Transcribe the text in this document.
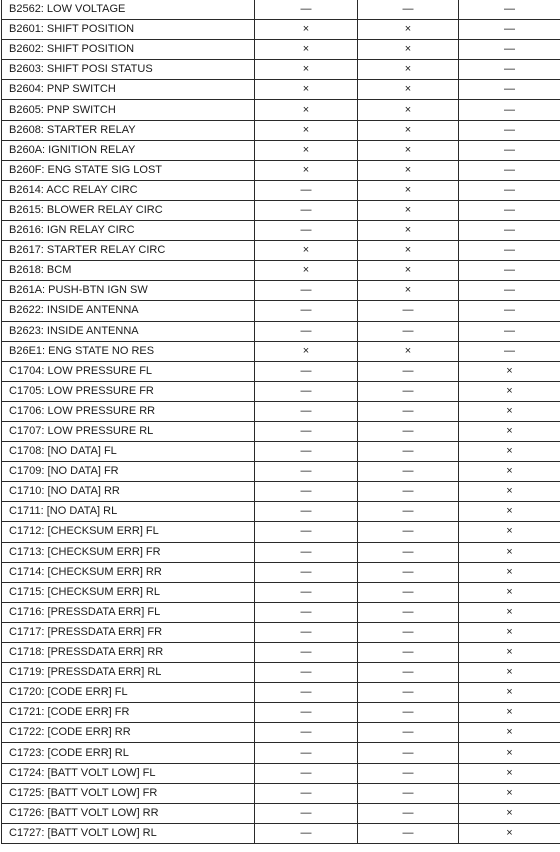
B2562: LOW VOLTAGE	—	—	—
B2601: SHIFT POSITION	×	×	—
B2602: SHIFT POSITION	×	×	—
B2603: SHIFT POSI STATUS	×	×	—
B2604: PNP SWITCH	×	×	—
B2605: PNP SWITCH	×	×	—
B2608: STARTER RELAY	×	×	—
B260A: IGNITION RELAY	×	×	—
B260F: ENG STATE SIG LOST	×	×	—
B2614: ACC RELAY CIRC	—	×	—
B2615: BLOWER RELAY CIRC	—	×	—
B2616: IGN RELAY CIRC	—	×	—
B2617: STARTER RELAY CIRC	×	×	—
B2618: BCM	×	×	—
B261A: PUSH-BTN IGN SW	—	×	—
B2622: INSIDE ANTENNA	—	—	—
B2623: INSIDE ANTENNA	—	—	—
B26E1: ENG STATE NO RES	×	×	—
C1704: LOW PRESSURE FL	—	—	×
C1705: LOW PRESSURE FR	—	—	×
C1706: LOW PRESSURE RR	—	—	×
C1707: LOW PRESSURE RL	—	—	×
C1708: [NO DATA] FL	—	—	×
C1709: [NO DATA] FR	—	—	×
C1710: [NO DATA] RR	—	—	×
C1711: [NO DATA] RL	—	—	×
C1712: [CHECKSUM ERR] FL	—	—	×
C1713: [CHECKSUM ERR] FR	—	—	×
C1714: [CHECKSUM ERR] RR	—	—	×
C1715: [CHECKSUM ERR] RL	—	—	×
C1716: [PRESSDATA ERR] FL	—	—	×
C1717: [PRESSDATA ERR] FR	—	—	×
C1718: [PRESSDATA ERR] RR	—	—	×
C1719: [PRESSDATA ERR] RL	—	—	×
C1720: [CODE ERR] FL	—	—	×
C1721: [CODE ERR] FR	—	—	×
C1722: [CODE ERR] RR	—	—	×
C1723: [CODE ERR] RL	—	—	×
C1724: [BATT VOLT LOW] FL	—	—	×
C1725: [BATT VOLT LOW] FR	—	—	×
C1726: [BATT VOLT LOW] RR	—	—	×
C1727: [BATT VOLT LOW] RL	—	—	×
